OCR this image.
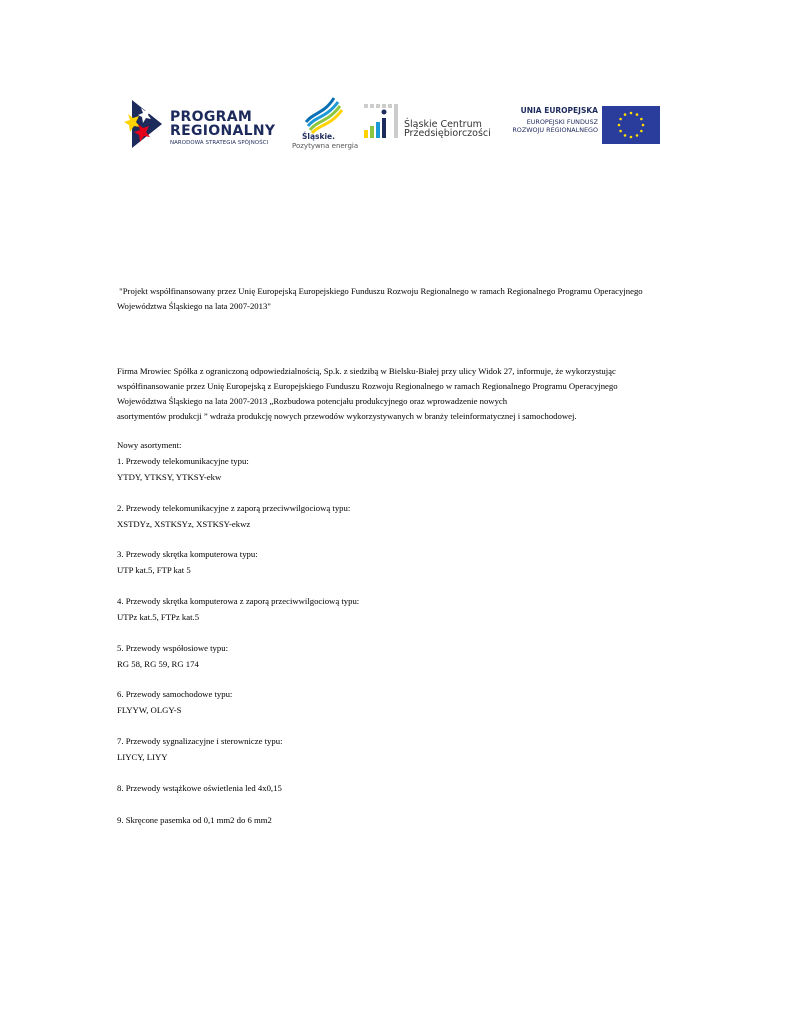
PROGRAM
REGIONALNY
NARODOWA STRATEGIA SPÓJNOŚCI
Śląskie.
Pozytywna energia
Śląskie Centrum
Przedsiębiorczości
UNIA EUROPEJSKA
EUROPEJSKI FUNDUSZ
ROZWOJU REGIONALNEGO
"Projekt współfinansowany przez Unię Europejską Europejskiego Funduszu Rozwoju Regionalnego w ramach Regionalnego Programu Operacyjnego
Województwa Śląskiego na lata 2007-2013"

Firma Mrowiec Spółka z ograniczoną odpowiedzialnością, Sp.k. z siedzibą w Bielsku-Białej przy ulicy Widok 27, informuje, że wykorzystując

współfinansowanie przez Unię Europejską z Europejskiego Funduszu Rozwoju Regionalnego w ramach Regionalnego Programu Operacyjnego

Województwa Śląskiego na lata 2007-2013 „Rozbudowa potencjału produkcyjnego oraz wprowadzenie nowych

asortymentów produkcji ” wdraża produkcję nowych przewodów wykorzystywanych w branży teleinformatycznej i samochodowej.

Nowy asortyment:
1. Przewody telekomunikacyjne typu:
YTDY, YTKSY, YTKSY-ekw
2. Przewody telekomunikacyjne z zaporą przeciwwilgociową typu:
XSTDYz, XSTKSYz, XSTKSY-ekwz
3. Przewody skrętka komputerowa typu:
UTP kat.5, FTP kat 5
4. Przewody skrętka komputerowa z zaporą przeciwwilgociową typu:
UTPz kat.5, FTPz kat.5
5. Przewody współosiowe typu:
RG 58, RG 59, RG 174
6. Przewody samochodowe typu:
FLYYW, OLGY-S
7. Przewody sygnalizacyjne i sterownicze typu:
LIYCY, LIYY
8. Przewody wstążkowe oświetlenia led 4x0,15
9. Skręcone pasemka od 0,1 mm2 do 6 mm2
